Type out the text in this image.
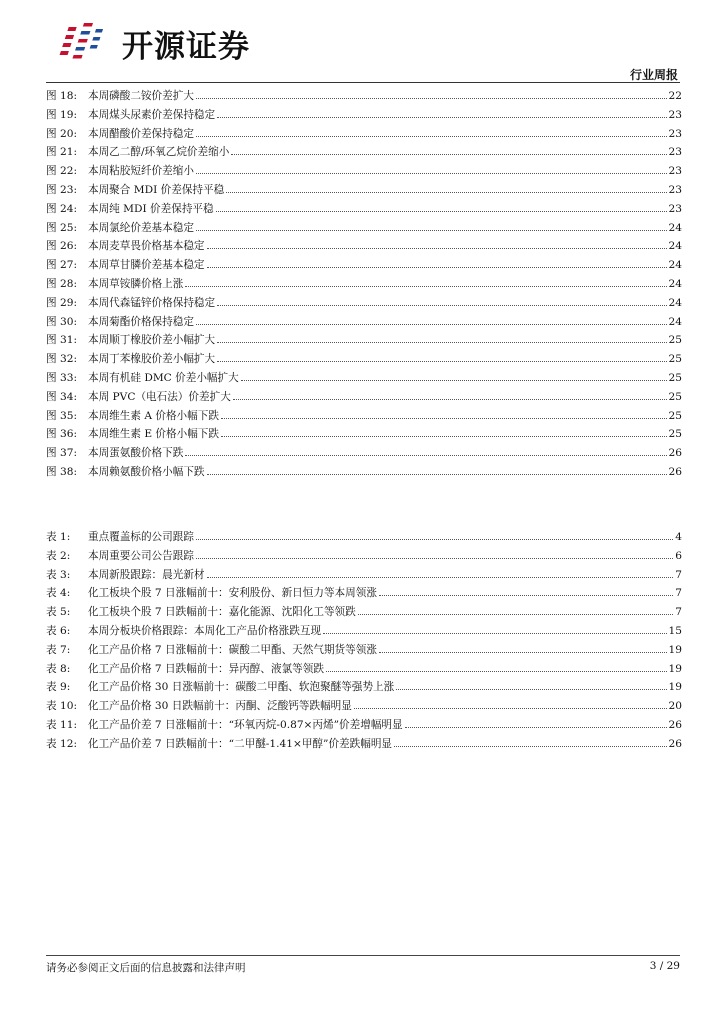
开源证券
行业周报
图 18:	本周磷酸二铵价差扩大	22
图 19:	本周煤头尿素价差保持稳定	23
图 20:	本周醋酸价差保持稳定	23
图 21:	本周乙二醇/环氧乙烷价差缩小	23
图 22:	本周粘胶短纤价差缩小	23
图 23:	本周聚合 MDI 价差保持平稳	23
图 24:	本周纯 MDI 价差保持平稳	23
图 25:	本周氯纶价差基本稳定	24
图 26:	本周麦草畏价格基本稳定	24
图 27:	本周草甘膦价差基本稳定	24
图 28:	本周草铵膦价格上涨	24
图 29:	本周代森锰锌价格保持稳定	24
图 30:	本周菊酯价格保持稳定	24
图 31:	本周顺丁橡胶价差小幅扩大	25
图 32:	本周丁苯橡胶价差小幅扩大	25
图 33:	本周有机硅 DMC 价差小幅扩大	25
图 34:	本周 PVC（电石法）价差扩大	25
图 35:	本周维生素 A 价格小幅下跌	25
图 36:	本周维生素 E 价格小幅下跌	25
图 37:	本周蛋氨酸价格下跌	26
图 38:	本周赖氨酸价格小幅下跌	26
表 1:	重点覆盖标的公司跟踪	4
表 2:	本周重要公司公告跟踪	6
表 3:	本周新股跟踪：晨光新材	7
表 4:	化工板块个股 7 日涨幅前十：安利股份、新日恒力等本周领涨	7
表 5:	化工板块个股 7 日跌幅前十：嘉化能源、沈阳化工等领跌	7
表 6:	本周分板块价格跟踪：本周化工产品价格涨跌互现	15
表 7:	化工产品价格 7 日涨幅前十：碳酸二甲酯、天然气期货等领涨	19
表 8:	化工产品价格 7 日跌幅前十：异丙醇、液氯等领跌	19
表 9:	化工产品价格 30 日涨幅前十：碳酸二甲酯、软泡聚醚等强势上涨	19
表 10:	化工产品价格 30 日跌幅前十：丙酮、泛酸钙等跌幅明显	20
表 11:	化工产品价差 7 日涨幅前十：“环氧丙烷-0.87×丙烯”价差增幅明显	26
表 12:	化工产品价差 7 日跌幅前十：“二甲醚-1.41×甲醇”价差跌幅明显	26
请务必参阅正文后面的信息披露和法律声明	3 / 29
